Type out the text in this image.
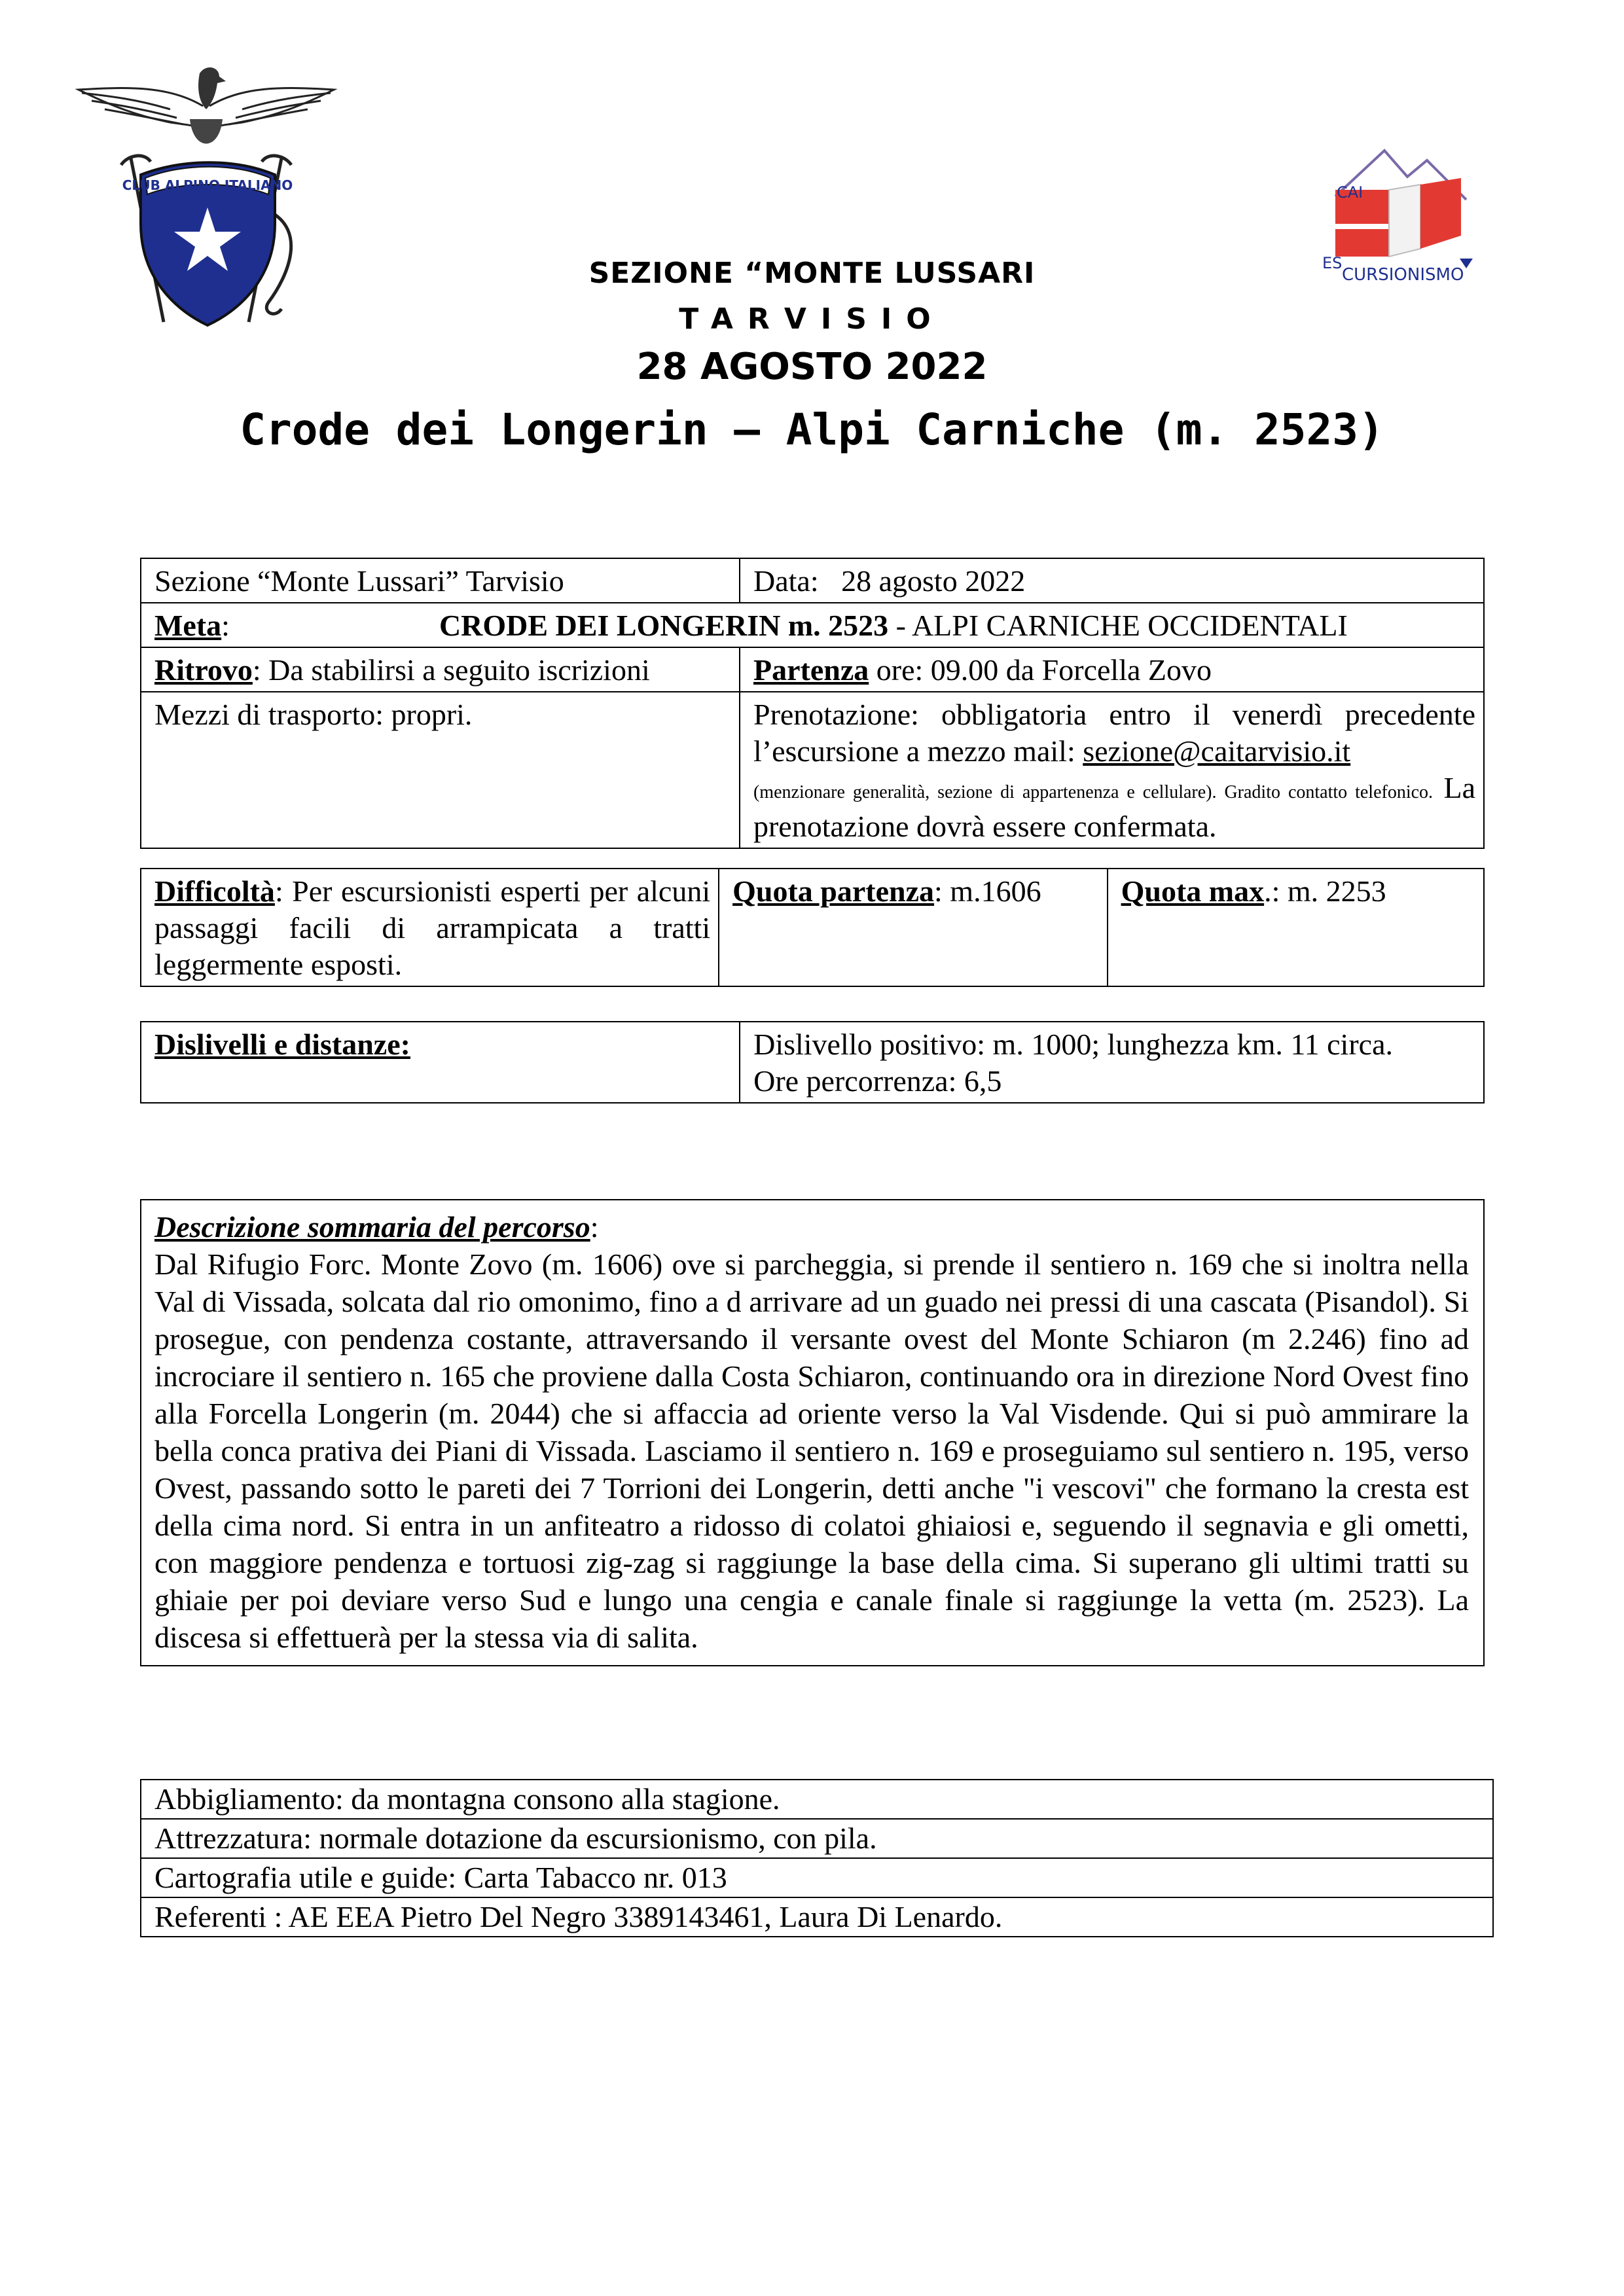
CLUB ALPINO ITALIANO	CAI
ES
CURSIONISMO
SEZIONE “MONTE LUSSARI
TARVISIO
28 AGOSTO 2022
Crode dei Longerin – Alpi Carniche (m. 2523)
Sezione “Monte Lussari” Tarvisio	Data: 28 agosto 2022
Meta: CRODE DEI LONGERIN m. 2523 - ALPI CARNICHE OCCIDENTALI	
Ritrovo: Da stabilirsi a seguito iscrizioni	Partenza ore: 09.00 da Forcella Zovo
Mezzi di trasporto: propri.	Prenotazione: obbligatoria entro il venerdì precedente l’escursione a mezzo mail: sezione@caitarvisio.it
(menzionare generalità, sezione di appartenenza e cellulare). Gradito contatto telefonico. La prenotazione dovrà essere confermata.
Difficoltà: Per escursionisti esperti per alcuni passaggi facili di arrampicata a tratti leggermente esposti.	Quota partenza: m.1606	Quota max.: m. 2253
Dislivelli e distanze:	Dislivello positivo: m. 1000; lunghezza km. 11 circa.
Ore percorrenza: 6,5
Descrizione sommaria del percorso:
Dal Rifugio Forc. Monte Zovo (m. 1606) ove si parcheggia, si prende il sentiero n. 169 che si inoltra nella Val di Vissada, solcata dal rio omonimo, fino a d arrivare ad un guado nei pressi di una cascata (Pisandol). Si prosegue, con pendenza costante, attraversando il versante ovest del Monte Schiaron (m 2.246) fino ad incrociare il sentiero n. 165 che proviene dalla Costa Schiaron, continuando ora in direzione Nord Ovest fino alla Forcella Longerin (m. 2044) che si affaccia ad oriente verso la Val Visdende. Qui si può ammirare la bella conca prativa dei Piani di Vissada. Lasciamo il sentiero n. 169 e proseguiamo sul sentiero n. 195, verso Ovest, passando sotto le pareti dei 7 Torrioni dei Longerin, detti anche "i vescovi" che formano la cresta est della cima nord. Si entra in un anfiteatro a ridosso di colatoi ghiaiosi e, seguendo il segnavia e gli ometti, con maggiore pendenza e tortuosi zig-zag si raggiunge la base della cima. Si superano gli ultimi tratti su ghiaie per poi deviare verso Sud e lungo una cengia e canale finale si raggiunge la vetta (m. 2523). La discesa si effettuerà per la stessa via di salita.
Abbigliamento: da montagna consono alla stagione.
Attrezzatura: normale dotazione da escursionismo, con pila.
Cartografia utile e guide: Carta Tabacco nr. 013
Referenti : AE EEA Pietro Del Negro 3389143461, Laura Di Lenardo.
